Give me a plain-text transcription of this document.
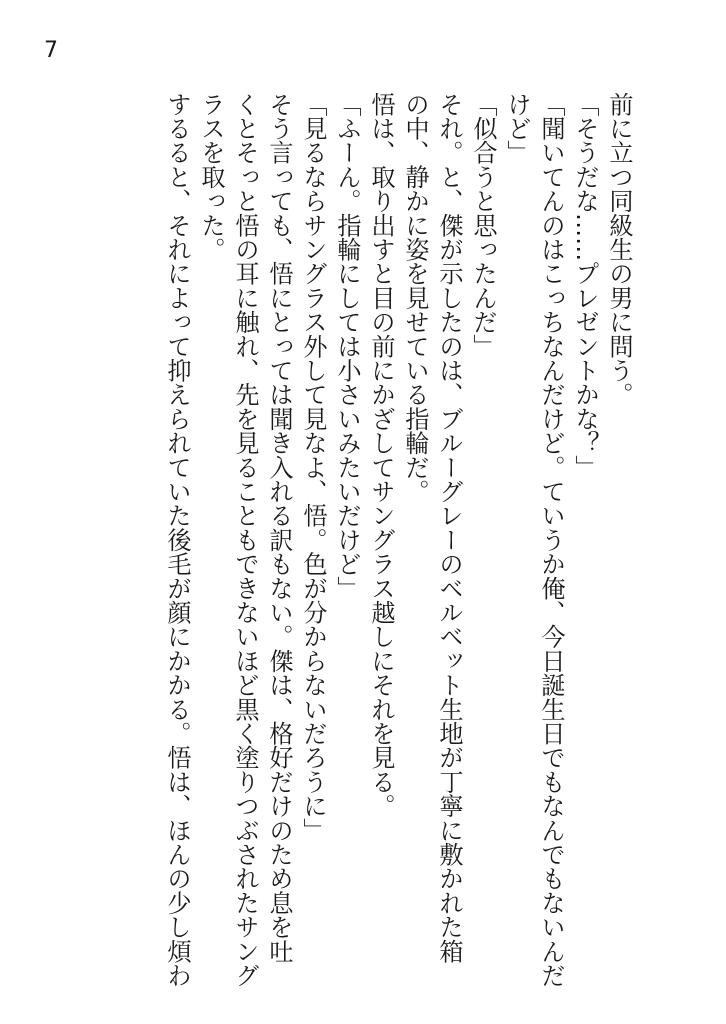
7
前に立つ同級生の男に問う。
「そうだな……プレゼントかな？」
「聞いてんのはこっちなんだけど。ていうか俺、今日誕生日でもなんでもないんだ
けど」
「似合うと思ったんだ」
それ。と、傑が示したのは、ブルーグレーのベルベット生地が丁寧に敷かれた箱
の中、静かに姿を見せている指輪だ。
悟は、取り出すと目の前にかざしてサングラス越しにそれを見る。
「ふーん。指輪にしては小さいみたいだけど」
「見るならサングラス外して見なよ、悟。色が分からないだろうに」
そう言っても、悟にとっては聞き入れる訳もない。傑は、格好だけのため息を吐
くとそっと悟の耳に触れ、先を見ることもできないほど黒く塗りつぶされたサング
ラスを取った。
するると、それによって抑えられていた後毛が顔にかかる。悟は、ほんの少し煩わ
